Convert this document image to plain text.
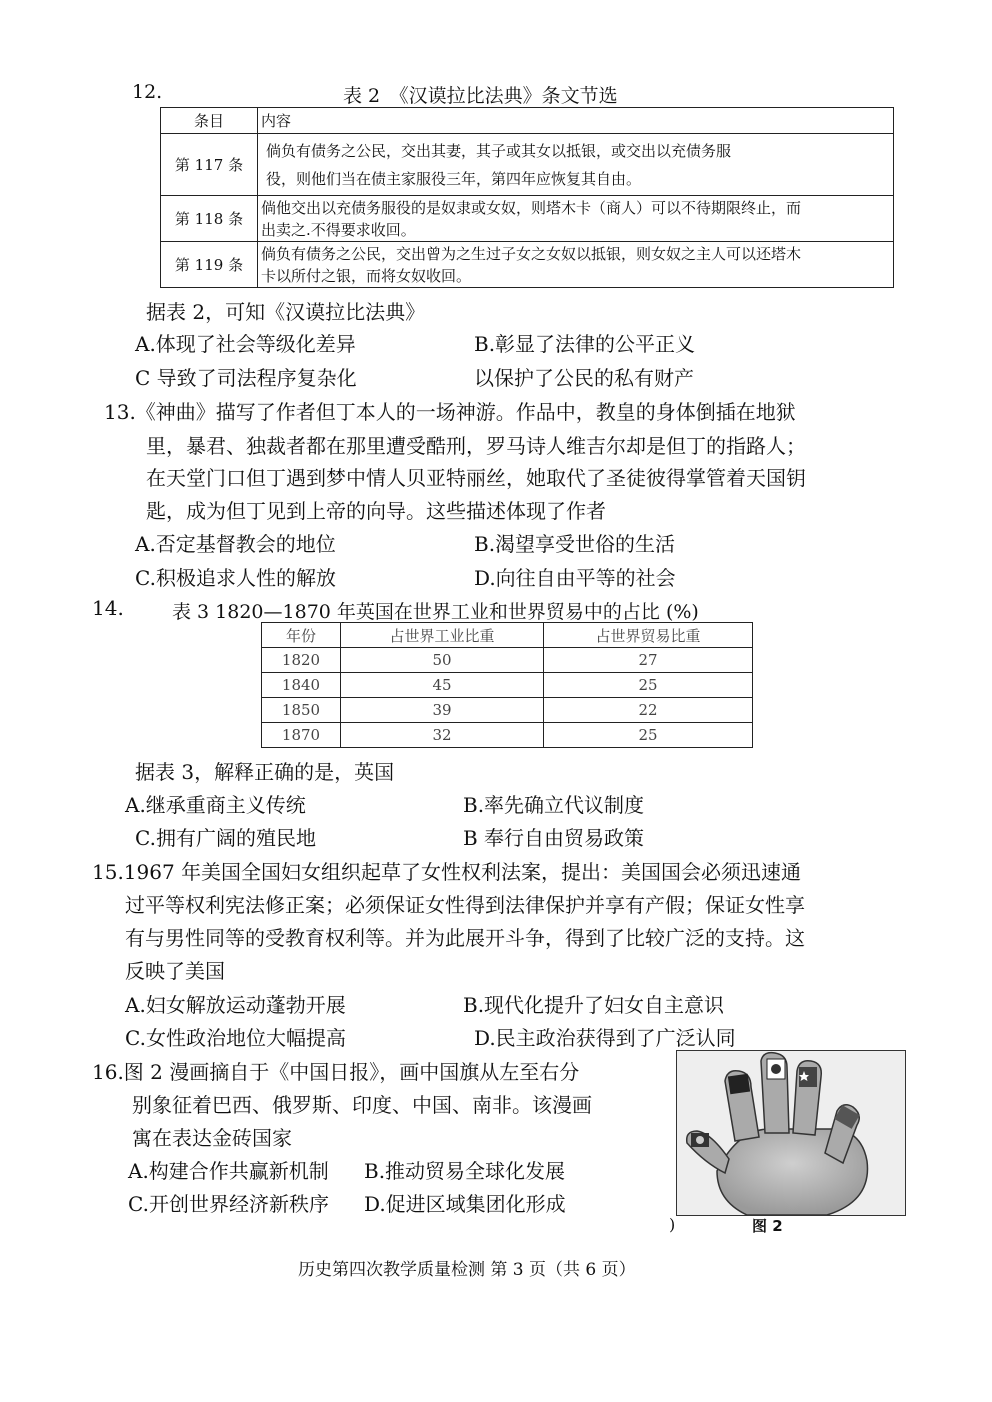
12.	表 2　《汉谟拉比法典》条文节选
条目	内容
第 117 条	倘负有债务之公民，交出其妻，其子或其女以抵银，或交出以充债务服
役，则他们当在债主家服役三年，第四年应恢复其自由。

第 118 条	倘他交出以充债务服役的是奴隶或女奴，则塔木卡（商人）可以不待期限终止，而
出卖之.不得要求收回。

第 119 条	倘负有债务之公民，交出曾为之生过子女之女奴以抵银，则女奴之主人可以还塔木
卡以所付之银，而将女奴收回。
据表 2，可知《汉谟拉比法典》
A.体现了社会等级化差异	B.彰显了法律的公平正义
C 导致了司法程序复杂化	以保护了公民的私有财产
13.《神曲》描写了作者但丁本人的一场神游。作品中，教皇的身体倒插在地狱
里，暴君、独裁者都在那里遭受酷刑，罗马诗人维吉尔却是但丁的指路人；
在天堂门口但丁遇到梦中情人贝亚特丽丝，她取代了圣徒彼得掌管着天国钥
匙，成为但丁见到上帝的向导。这些描述体现了作者
A.否定基督教会的地位	B.渴望享受世俗的生活
C.积极追求人性的解放	D.向往自由平等的社会
14.	表 3 1820—1870 年英国在世界工业和世界贸易中的占比 (%)
年份	占世界工业比重	占世界贸易比重
1820	50	27
1840	45	25
1850	39	22
1870	32	25
据表 3，解释正确的是，英国
A.继承重商主义传统	B.率先确立代议制度
C.拥有广阔的殖民地	B 奉行自由贸易政策
15.1967 年美国全国妇女组织起草了女性权利法案，提出：美国国会必须迅速通
过平等权利宪法修正案；必须保证女性得到法律保护并享有产假；保证女性享
有与男性同等的受教育权利等。并为此展开斗争，得到了比较广泛的支持。这
反映了美国
A.妇女解放运动蓬勃开展	B.现代化提升了妇女自主意识
C.女性政治地位大幅提高	D.民主政治获得到了广泛认同
16.图 2 漫画摘自于《中国日报》，画中国旗从左至右分
别象征着巴西、俄罗斯、印度、中国、南非。该漫画
寓在表达金砖国家
A.构建合作共赢新机制 B.推动贸易全球化发展
C.开创世界经济新秩序 D.促进区域集团化形成
)	图 2
历史第四次教学质量检测 第 3 页（共 6 页）
